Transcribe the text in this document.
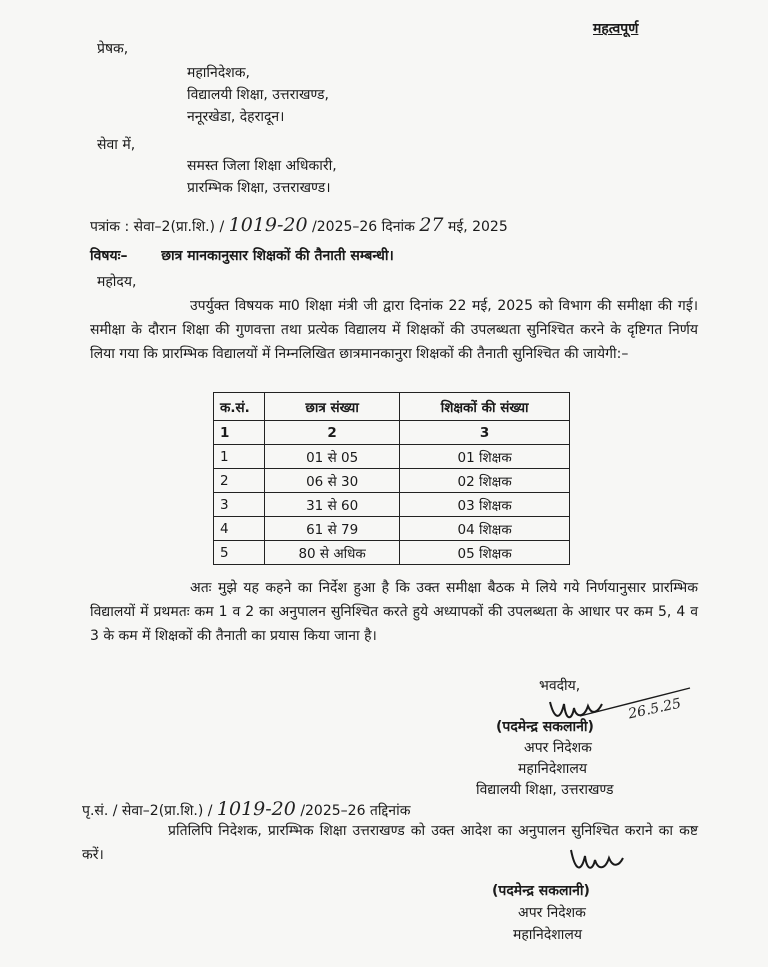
महत्वपूर्ण
प्रेषक,
महानिदेशक,
विद्यालयी शिक्षा, उत्तराखण्ड,
ननूरखेडा, देहरादून।
सेवा में,
समस्त जिला शिक्षा अधिकारी,
प्रारम्भिक शिक्षा, उत्तराखण्ड।
पत्रांक : सेवा–2(प्रा.शि.) / 1019-20 /2025–26 दिनांक 27 मई, 2025
विषयः– छात्र मानकानुसार शिक्षकों की तैनाती सम्बन्धी।
महोदय,
उपर्युक्त विषयक मा0 शिक्षा मंत्री जी द्वारा दिनांक 22 मई, 2025 को विभाग की समीक्षा की गई। समीक्षा के दौरान शिक्षा की गुणवत्ता तथा प्रत्येक विद्यालय में शिक्षकों की उपलब्धता सुनिश्चित करने के दृष्टिगत निर्णय लिया गया कि प्रारम्भिक विद्यालयों में निम्नलिखित छात्रमानकानुरा शिक्षकों की तैनाती सुनिश्चित की जायेगी:–
क.सं.	छात्र संख्या	शिक्षकों की संख्या
1	2	3
1	01 से 05	01 शिक्षक
2	06 से 30	02 शिक्षक
3	31 से 60	03 शिक्षक
4	61 से 79	04 शिक्षक
5	80 से अधिक	05 शिक्षक
अतः मुझे यह कहने का निर्देश हुआ है कि उक्त समीक्षा बैठक मे लिये गये निर्णयानुसार प्रारम्भिक विद्यालयों में प्रथमतः कम 1 व 2 का अनुपालन सुनिश्चित करते हुये अध्यापकों की उपलब्धता के आधार पर कम 5, 4 व 3 के कम में शिक्षकों की तैनाती का प्रयास किया जाना है।
भवदीय,
26.5.25
(पदमेन्द्र सकलानी)
अपर निदेशक
महानिदेशालय
विद्यालयी शिक्षा, उत्तराखण्ड
पृ.सं. / सेवा–2(प्रा.शि.) / 1019-20 /2025–26 तद्दिनांक
प्रतिलिपि निदेशक, प्रारम्भिक शिक्षा उत्तराखण्ड को उक्त आदेश का अनुपालन सुनिश्चित कराने का कष्ट करें।
(पदमेन्द्र सकलानी)
अपर निदेशक
महानिदेशालय
